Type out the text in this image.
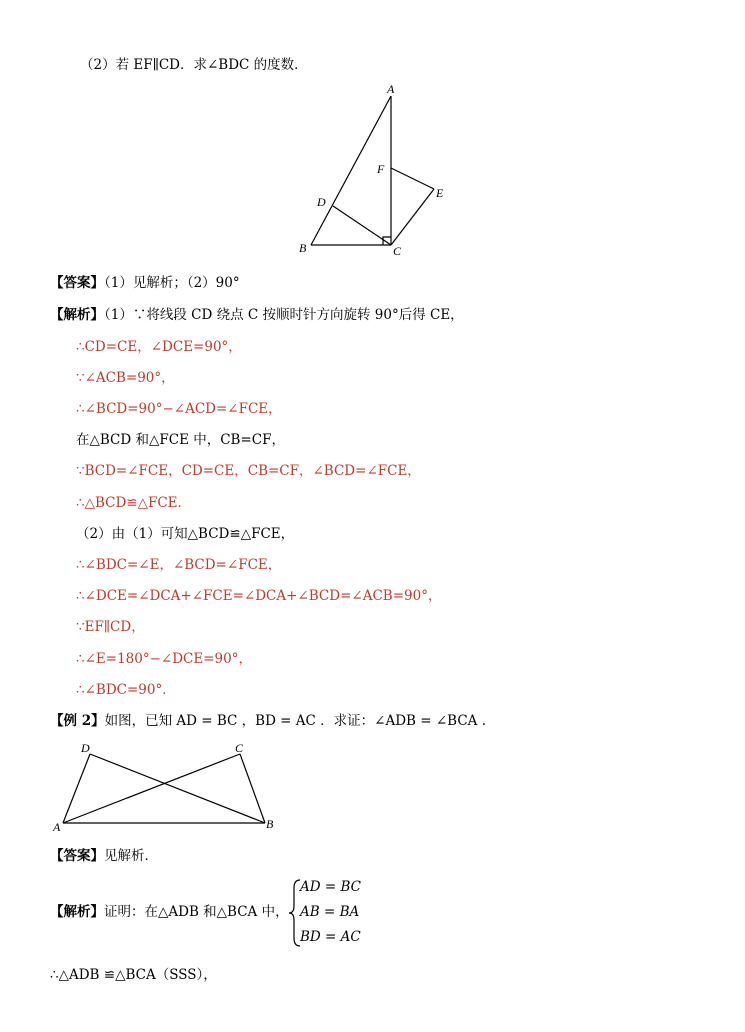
（2）若 EF∥CD．求∠BDC 的度数．
A
F
E
D
B	C
【答案】（1）见解析；（2）90°
【解析】（1）∵将线段 CD 绕点 C 按顺时针方向旋转 90°后得 CE，
∴CD=CE，∠DCE=90°，
∵∠ACB=90°，
∴∠BCD=90°−∠ACD=∠FCE，
在△BCD 和△FCE 中，CB=CF，
∵BCD=∠FCE，CD=CE，CB=CF，∠BCD=∠FCE，
∴△BCD≌△FCE．
（2）由（1）可知△BCD≌△FCE，
∴∠BDC=∠E，∠BCD=∠FCE，
∴∠DCE=∠DCA+∠FCE=∠DCA+∠BCD=∠ACB=90°，
∵EF∥CD，
∴∠E=180°−∠DCE=90°，
∴∠BDC=90°．
【例 2】如图，已知 AD = BC ，BD = AC ．求证：∠ADB = ∠BCA .
D	C
A	B
【答案】见解析．
【解析】证明：在△ADB 和△BCA 中，
AD = BC
AB = BA
BD = AC
∴△ADB ≌△BCA（SSS），
